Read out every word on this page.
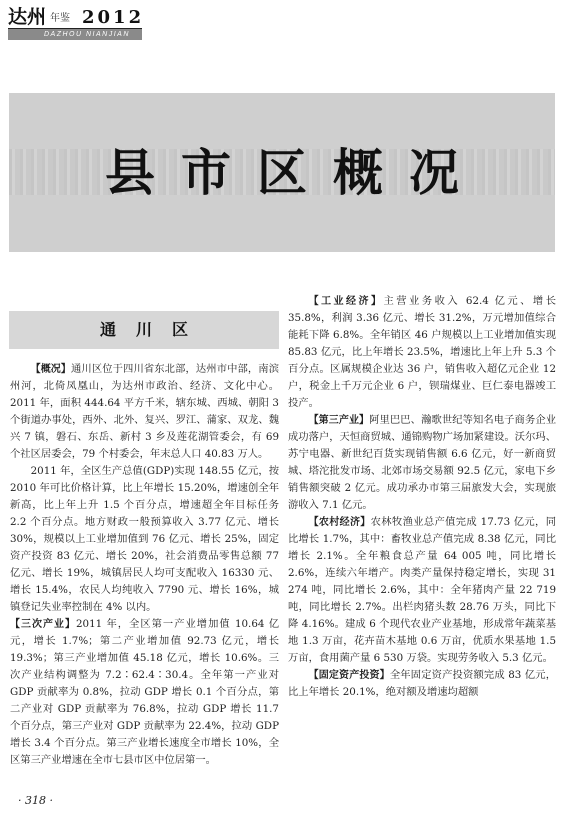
达州 年鉴 2012
DAZHOU NIANJIAN
县市区概况
通川区

【概况】通川区位于四川省东北部，达州市中部，南滨州河，北倚凤凰山，为达州市政治、经济、文化中心。2011 年，面积 444.64 平方千米，辖东城、西城、朝阳 3 个街道办事处，西外、北外、复兴、罗江、蒲家、双龙、魏兴 7 镇，磐石、东岳、新村 3 乡及莲花湖管委会，有 69 个社区居委会，79 个村委会，年末总人口 40.83 万人。

2011 年，全区生产总值(GDP)实现 148.55 亿元，按 2010 年可比价格计算，比上年增长 15.20%，增速创全年新高，比上年上升 1.5 个百分点，增速超全年目标任务 2.2 个百分点。地方财政一般预算收入 3.77 亿元、增长 30%，规模以上工业增加值到 76 亿元、增长 25%，固定资产投资 83 亿元、增长 20%，社会消费品零售总额 77 亿元、增长 19%，城镇居民人均可支配收入 16330 元、增长 15.4%，农民人均纯收入 7790 元、增长 16%，城镇登记失业率控制在 4% 以内。

【三次产业】2011 年，全区第一产业增加值 10.64 亿元，增长 1.7%；第二产业增加值 92.73 亿元，增长 19.3%；第三产业增加值 45.18 亿元，增长 10.6%。三次产业结构调整为 7.2∶62.4∶30.4。全年第一产业对 GDP 贡献率为 0.8%，拉动 GDP 增长 0.1 个百分点，第二产业对 GDP 贡献率为 76.8%，拉动 GDP 增长 11.7 个百分点，第三产业对 GDP 贡献率为 22.4%，拉动 GDP 增长 3.4 个百分点。第三产业增长速度全市增长 10%，全区第三产业增速在全市七县市区中位居第一。

【工业经济】主营业务收入 62.4 亿元、增长 35.8%，利润 3.36 亿元、增长 31.2%，万元增加值综合能耗下降 6.8%。全年销区 46 户规模以上工业增加值实现 85.83 亿元，比上年增长 23.5%，增速比上年上升 5.3 个百分点。区属规模企业达 36 户，销售收入超亿元企业 12 户，税金上千万元企业 6 户，钡瑞煤业、巨仁泰电器竣工投产。

【第三产业】阿里巴巴、瀚歌世纪等知名电子商务企业成功落户，天恒商贸城、通锦购物广场加紧建设。沃尔玛、苏宁电器、新世纪百货实现销售额 6.6 亿元，好一新商贸城、塔沱批发市场、北郊市场交易额 92.5 亿元，家电下乡销售额突破 2 亿元。成功承办市第三届旅发大会，实现旅游收入 7.1 亿元。

【农村经济】农林牧渔业总产值完成 17.73 亿元，同比增长 1.7%，其中：畜牧业总产值完成 8.38 亿元，同比增长 2.1%。全年粮食总产量 64 005 吨，同比增长 2.6%，连续六年增产。肉类产量保持稳定增长，实现 31 274 吨，同比增长 2.6%，其中：全年猪肉产量 22 719 吨，同比增长 2.7%。出栏肉猪头数 28.76 万头，同比下降 4.16%。建成 6 个现代农业产业基地，形成常年蔬菜基地 1.3 万亩，花卉苗木基地 0.6 万亩，优质水果基地 1.5 万亩，食用菌产量 6 530 万袋。实现劳务收入 5.3 亿元。

【固定资产投资】全年固定资产投资额完成 83 亿元，比上年增长 20.1%，绝对额及增速均超额

· 318 ·
